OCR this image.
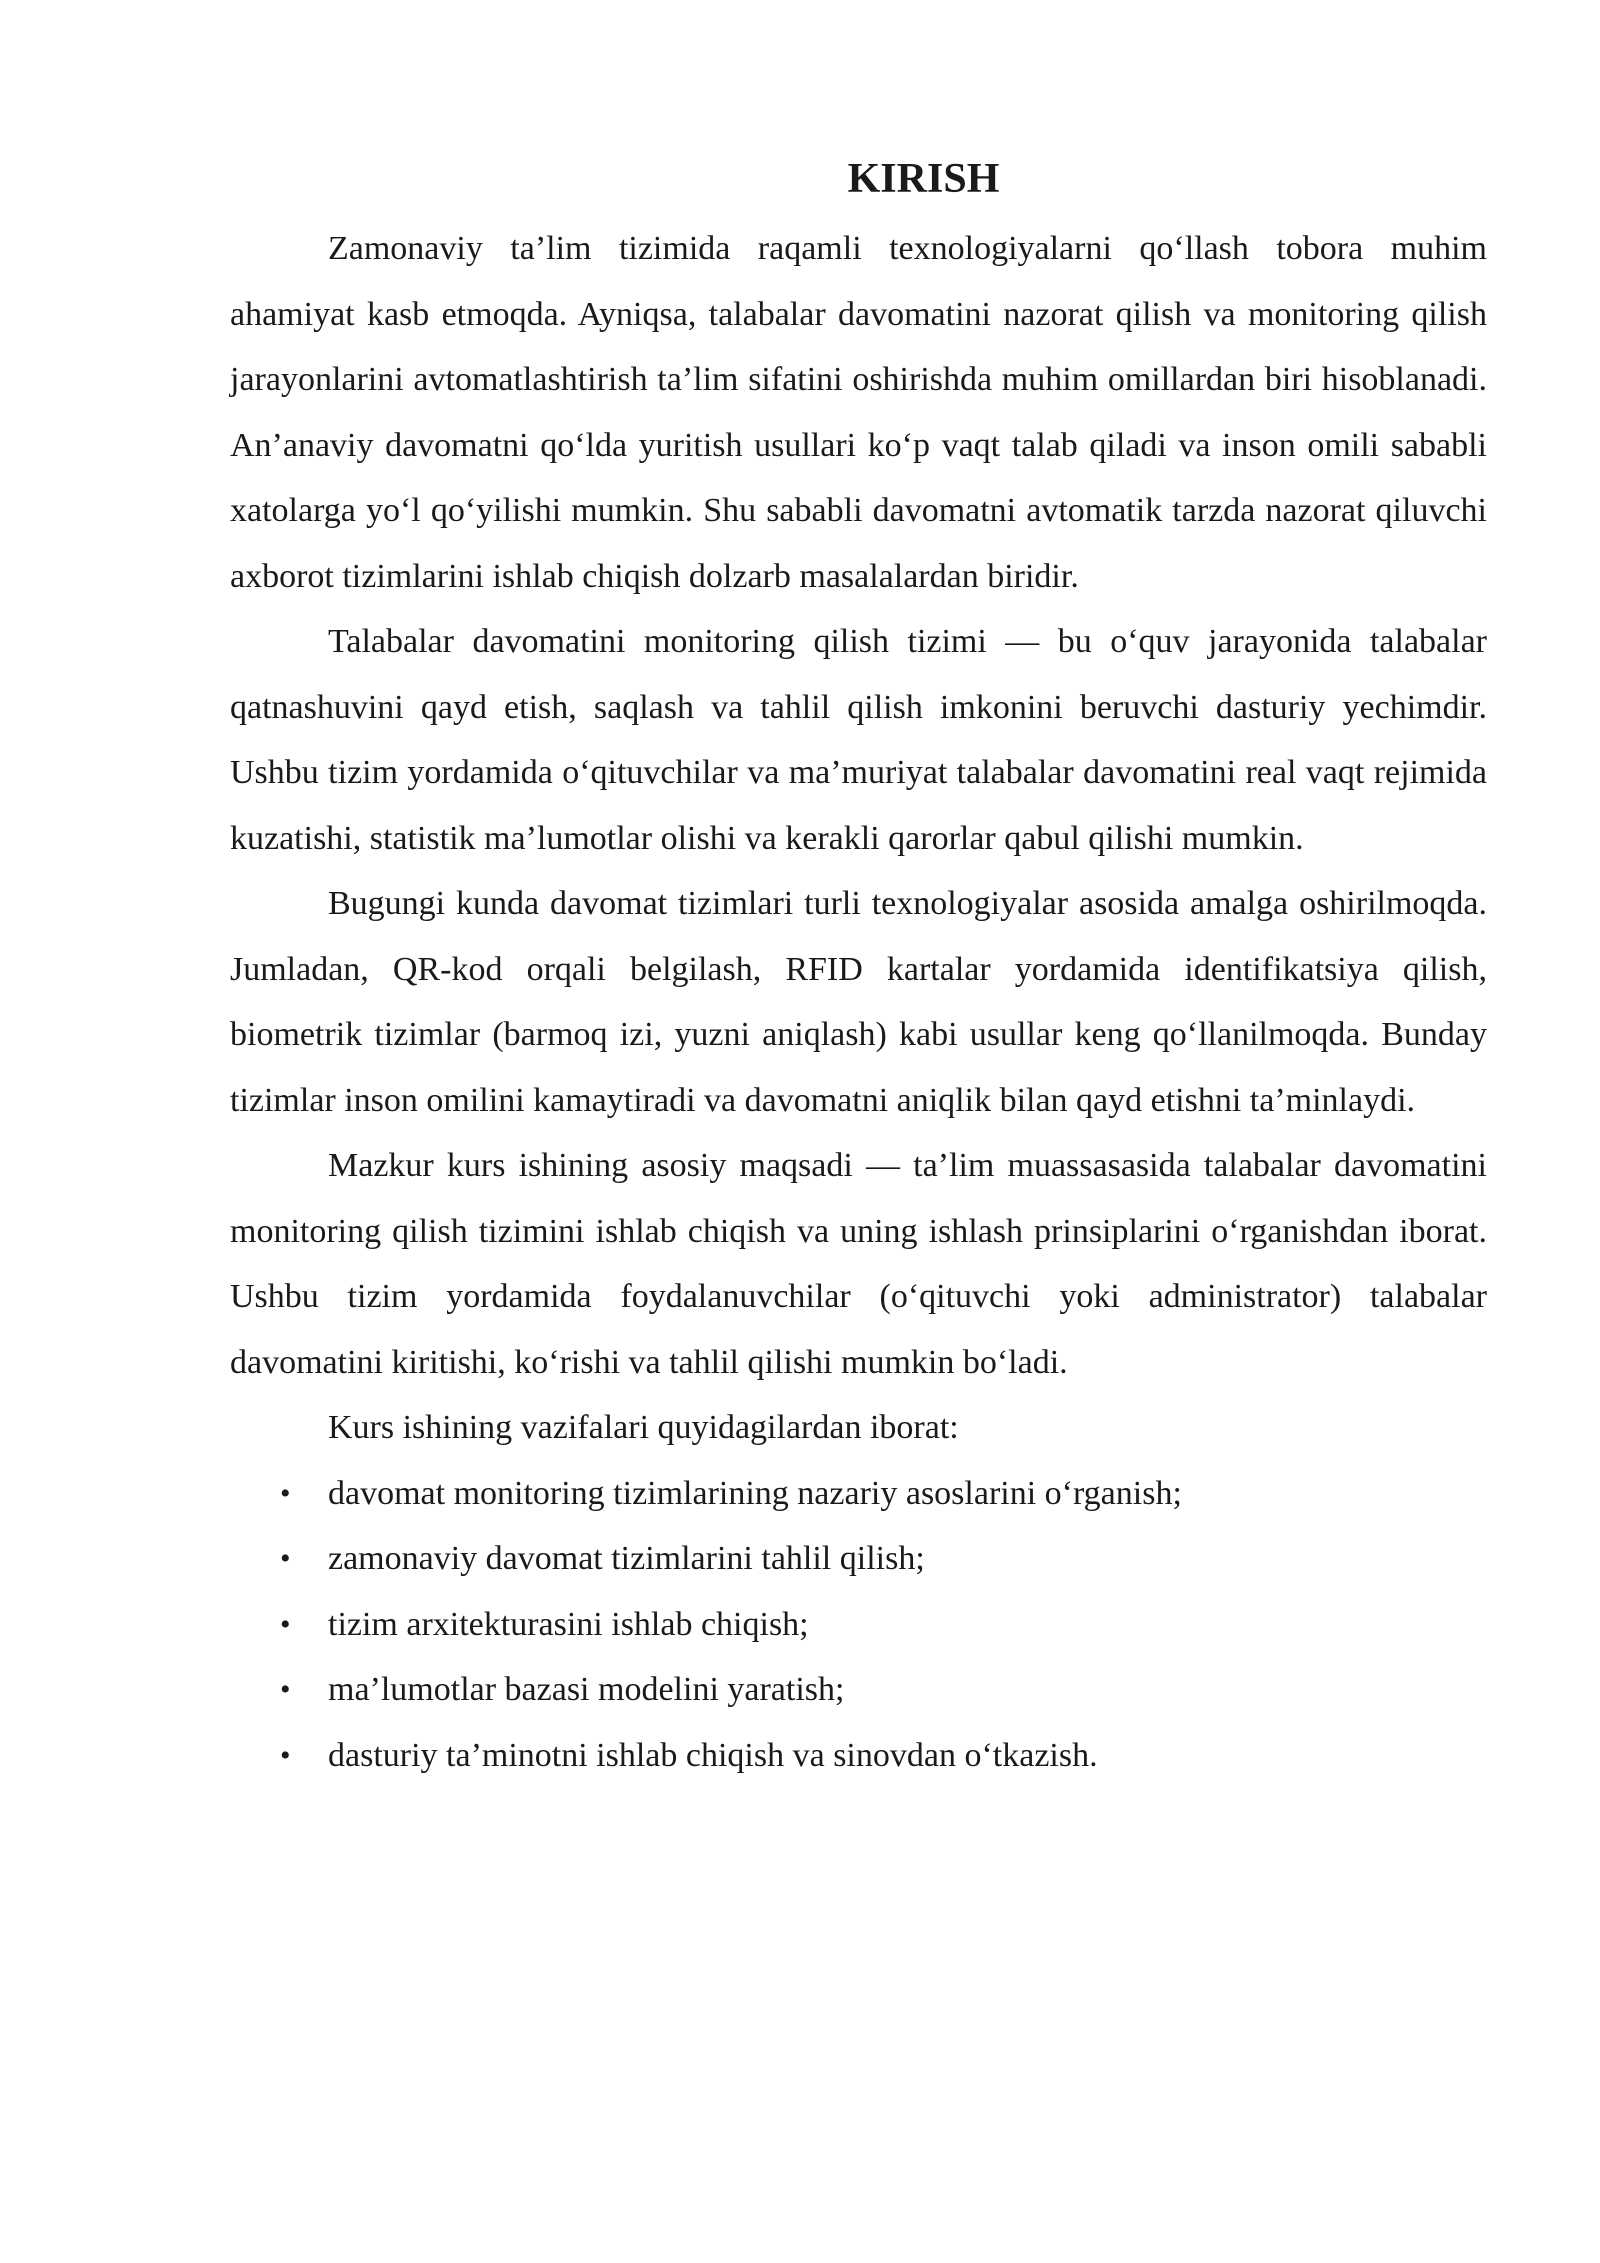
KIRISH

Zamonaviy ta’lim tizimida raqamli texnologiyalarni qo‘llash tobora muhim ahamiyat kasb etmoqda. Ayniqsa, talabalar davomatini nazorat qilish va monitoring qilish jarayonlarini avtomatlashtirish ta’lim sifatini oshirishda muhim omillardan biri hisoblanadi. An’anaviy davomatni qo‘lda yuritish usullari ko‘p vaqt talab qiladi va inson omili sababli xatolarga yo‘l qo‘yilishi mumkin. Shu sababli davomatni avtomatik tarzda nazorat qiluvchi axborot tizimlarini ishlab chiqish dolzarb masalalardan biridir.

Talabalar davomatini monitoring qilish tizimi — bu o‘quv jarayonida talabalar qatnashuvini qayd etish, saqlash va tahlil qilish imkonini beruvchi dasturiy yechimdir. Ushbu tizim yordamida o‘qituvchilar va ma’muriyat talabalar davomatini real vaqt rejimida kuzatishi, statistik ma’lumotlar olishi va kerakli qarorlar qabul qilishi mumkin.

Bugungi kunda davomat tizimlari turli texnologiyalar asosida amalga oshirilmoqda. Jumladan, QR-kod orqali belgilash, RFID kartalar yordamida identifikatsiya qilish, biometrik tizimlar (barmoq izi, yuzni aniqlash) kabi usullar keng qo‘llanilmoqda. Bunday tizimlar inson omilini kamaytiradi va davomatni aniqlik bilan qayd etishni ta’minlaydi.

Mazkur kurs ishining asosiy maqsadi — ta’lim muassasasida talabalar davomatini monitoring qilish tizimini ishlab chiqish va uning ishlash prinsiplarini o‘rganishdan iborat. Ushbu tizim yordamida foydalanuvchilar (o‘qituvchi yoki administrator) talabalar davomatini kiritishi, ko‘rishi va tahlil qilishi mumkin bo‘ladi.

Kurs ishining vazifalari quyidagilardan iborat:

• davomat monitoring tizimlarining nazariy asoslarini o‘rganish;
• zamonaviy davomat tizimlarini tahlil qilish;
• tizim arxitekturasini ishlab chiqish;
• ma’lumotlar bazasi modelini yaratish;
• dasturiy ta’minotni ishlab chiqish va sinovdan o‘tkazish.
